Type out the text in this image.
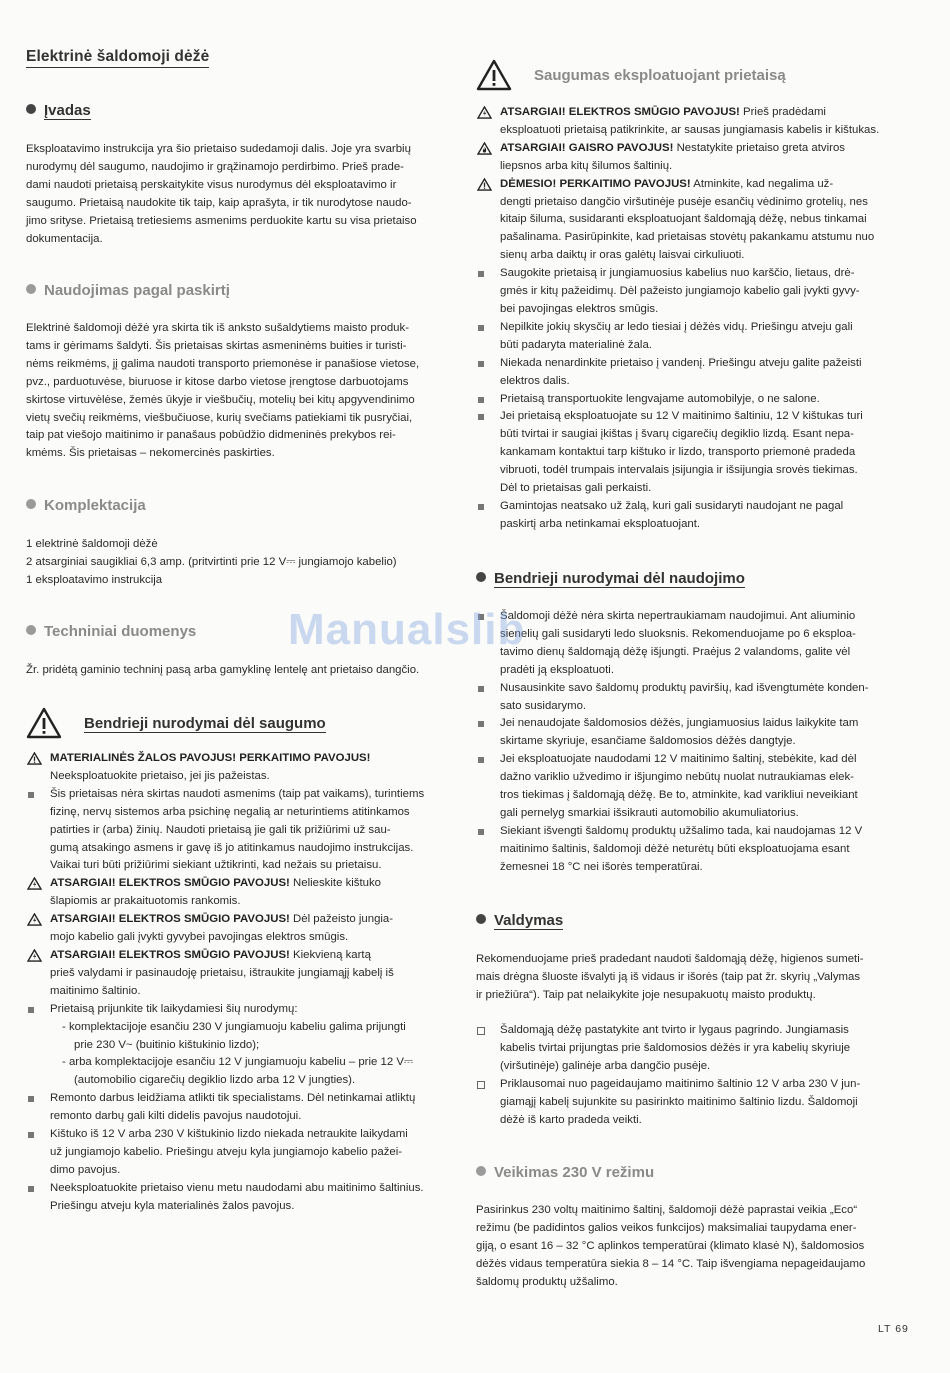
Elektrinė šaldomoji dėžė
Įvadas
Eksploatavimo instrukcija yra šio prietaiso sudedamoji dalis. Joje yra svarbių
nurodymų dėl saugumo, naudojimo ir grąžinamojo perdirbimo. Prieš prade-
dami naudoti prietaisą perskaitykite visus nurodymus dėl eksploatavimo ir
saugumo. Prietaisą naudokite tik taip, kaip aprašyta, ir tik nurodytose naudo-
jimo srityse. Prietaisą tretiesiems asmenims perduokite kartu su visa prietaiso
dokumentacija.
Naudojimas pagal paskirtį
Elektrinė šaldomoji dėžė yra skirta tik iš anksto sušaldytiems maisto produk-
tams ir gėrimams šaldyti. Šis prietaisas skirtas asmeninėms buities ir turisti-
nėms reikmėms, jį galima naudoti transporto priemonėse ir panašiose vietose,
pvz., parduotuvėse, biuruose ir kitose darbo vietose įrengtose darbuotojams
skirtose virtuvėlėse, žemės ūkyje ir viešbučių, motelių bei kitų apgyvendinimo
vietų svečių reikmėms, viešbučiuose, kurių svečiams patiekiami tik pusryčiai,
taip pat viešojo maitinimo ir panašaus pobūdžio didmeninės prekybos rei-
kmėms. Šis prietaisas – nekomercinės paskirties.
Komplektacija
1 elektrinė šaldomoji dėžė
2 atsarginiai saugikliai 6,3 amp. (pritvirtinti prie 12 V⎓ jungiamojo kabelio)
1 eksploatavimo instrukcija
Techniniai duomenys
Žr. pridėtą gaminio techninį pasą arba gamyklinę lentelę ant prietaiso dangčio.
Bendrieji nurodymai dėl saugumo
MATERIALINĖS ŽALOS PAVOJUS! PERKAITIMO PAVOJUS!
Neeksploatuokite prietaiso, jei jis pažeistas.
Šis prietaisas nėra skirtas naudoti asmenims (taip pat vaikams), turintiems
fizinę, nervų sistemos arba psichinę negalią ar neturintiems atitinkamos
patirties ir (arba) žinių. Naudoti prietaisą jie gali tik prižiūrimi už sau-
gumą atsakingo asmens ir gavę iš jo atitinkamus naudojimo instrukcijas.
Vaikai turi būti prižiūrimi siekiant užtikrinti, kad nežais su prietaisu.
ATSARGIAI! ELEKTROS SMŪGIO PAVOJUS! Nelieskite kištuko
šlapiomis ar prakaituotomis rankomis.
ATSARGIAI! ELEKTROS SMŪGIO PAVOJUS! Dėl pažeisto jungia-
mojo kabelio gali įvykti gyvybei pavojingas elektros smūgis.
ATSARGIAI! ELEKTROS SMŪGIO PAVOJUS! Kiekvieną kartą
prieš valydami ir pasinaudoję prietaisu, ištraukite jungiamąjį kabelį iš
maitinimo šaltinio.
Prietaisą prijunkite tik laikydamiesi šių nurodymų:
- komplektacijoje esančiu 230 V jungiamuoju kabeliu galima prijungti
prie 230 V~ (buitinio kištukinio lizdo);
- arba komplektacijoje esančiu 12 V jungiamuoju kabeliu – prie 12 V⎓
(automobilio cigarečių degiklio lizdo arba 12 V jungties).
Remonto darbus leidžiama atlikti tik specialistams. Dėl netinkamai atliktų
remonto darbų gali kilti didelis pavojus naudotojui.
Kištuko iš 12 V arba 230 V kištukinio lizdo niekada netraukite laikydami
už jungiamojo kabelio. Priešingu atveju kyla jungiamojo kabelio pažei-
dimo pavojus.
Neeksploatuokite prietaiso vienu metu naudodami abu maitinimo šaltinius.
Priešingu atveju kyla materialinės žalos pavojus.
Saugumas eksploatuojant prietaisą
ATSARGIAI! ELEKTROS SMŪGIO PAVOJUS! Prieš pradėdami
eksploatuoti prietaisą patikrinkite, ar sausas jungiamasis kabelis ir kištukas.
ATSARGIAI! GAISRO PAVOJUS! Nestatykite prietaiso greta atviros
liepsnos arba kitų šilumos šaltinių.
DĖMESIO! PERKAITIMO PAVOJUS! Atminkite, kad negalima už-
dengti prietaiso dangčio viršutinėje pusėje esančių vėdinimo grotelių, nes
kitaip šiluma, susidaranti eksploatuojant šaldomąją dėžę, nebus tinkamai
pašalinama. Pasirūpinkite, kad prietaisas stovėtų pakankamu atstumu nuo
sienų arba daiktų ir oras galėtų laisvai cirkuliuoti.
Saugokite prietaisą ir jungiamuosius kabelius nuo karščio, lietaus, drė-
gmės ir kitų pažeidimų. Dėl pažeisto jungiamojo kabelio gali įvykti gyvy-
bei pavojingas elektros smūgis.
Nepilkite jokių skysčių ar ledo tiesiai į dėžės vidų. Priešingu atveju gali
būti padaryta materialinė žala.
Niekada nenardinkite prietaiso į vandenį. Priešingu atveju galite pažeisti
elektros dalis.
Prietaisą transportuokite lengvajame automobilyje, o ne salone.
Jei prietaisą eksploatuojate su 12 V maitinimo šaltiniu, 12 V kištukas turi
būti tvirtai ir saugiai įkištas į švarų cigarečių degiklio lizdą. Esant nepa-
kankamam kontaktui tarp kištuko ir lizdo, transporto priemonė pradeda
vibruoti, todėl trumpais intervalais įsijungia ir išsijungia srovės tiekimas.
Dėl to prietaisas gali perkaisti.
Gamintojas neatsako už žalą, kuri gali susidaryti naudojant ne pagal
paskirtį arba netinkamai eksploatuojant.
Bendrieji nurodymai dėl naudojimo
Šaldomoji dėžė nėra skirta nepertraukiamam naudojimui. Ant aliuminio
sienelių gali susidaryti ledo sluoksnis. Rekomenduojame po 6 eksploa-
tavimo dienų šaldomąją dėžę išjungti. Praėjus 2 valandoms, galite vėl
pradėti ją eksploatuoti.
Nusausinkite savo šaldomų produktų paviršių, kad išvengtumėte konden-
sato susidarymo.
Jei nenaudojate šaldomosios dėžės, jungiamuosius laidus laikykite tam
skirtame skyriuje, esančiame šaldomosios dėžės dangtyje.
Jei eksploatuojate naudodami 12 V maitinimo šaltinį, stebėkite, kad dėl
dažno variklio užvedimo ir išjungimo nebūtų nuolat nutraukiamas elek-
tros tiekimas į šaldomąją dėžę. Be to, atminkite, kad varikliui neveikiant
gali pernelyg smarkiai išsikrauti automobilio akumuliatorius.
Siekiant išvengti šaldomų produktų užšalimo tada, kai naudojamas 12 V
maitinimo šaltinis, šaldomoji dėžė neturėtų būti eksploatuojama esant
žemesnei 18 °C nei išorės temperatūrai.
Valdymas
Rekomenduojame prieš pradedant naudoti šaldomąją dėžę, higienos sumeti-
mais drėgna šluoste išvalyti ją iš vidaus ir išorės (taip pat žr. skyrių „Valymas
ir priežiūra“). Taip pat nelaikykite joje nesupakuotų maisto produktų.
Šaldomąją dėžę pastatykite ant tvirto ir lygaus pagrindo. Jungiamasis
kabelis tvirtai prijungtas prie šaldomosios dėžės ir yra kabelių skyriuje
(viršutinėje) galinėje arba dangčio pusėje.
Priklausomai nuo pageidaujamo maitinimo šaltinio 12 V arba 230 V jun-
giamąjį kabelį sujunkite su pasirinkto maitinimo šaltinio lizdu. Šaldomoji
dėžė iš karto pradeda veikti.
Veikimas 230 V režimu
Pasirinkus 230 voltų maitinimo šaltinį, šaldomoji dėžė paprastai veikia „Eco“
režimu (be padidintos galios veikos funkcijos) maksimaliai taupydama ener-
giją, o esant 16 – 32 °C aplinkos temperatūrai (klimato klasė N), šaldomosios
dėžės vidaus temperatūra siekia 8 – 14 °C. Taip išvengiama nepageidaujamo
šaldomų produktų užšalimo.
Manualslib
LT 69
